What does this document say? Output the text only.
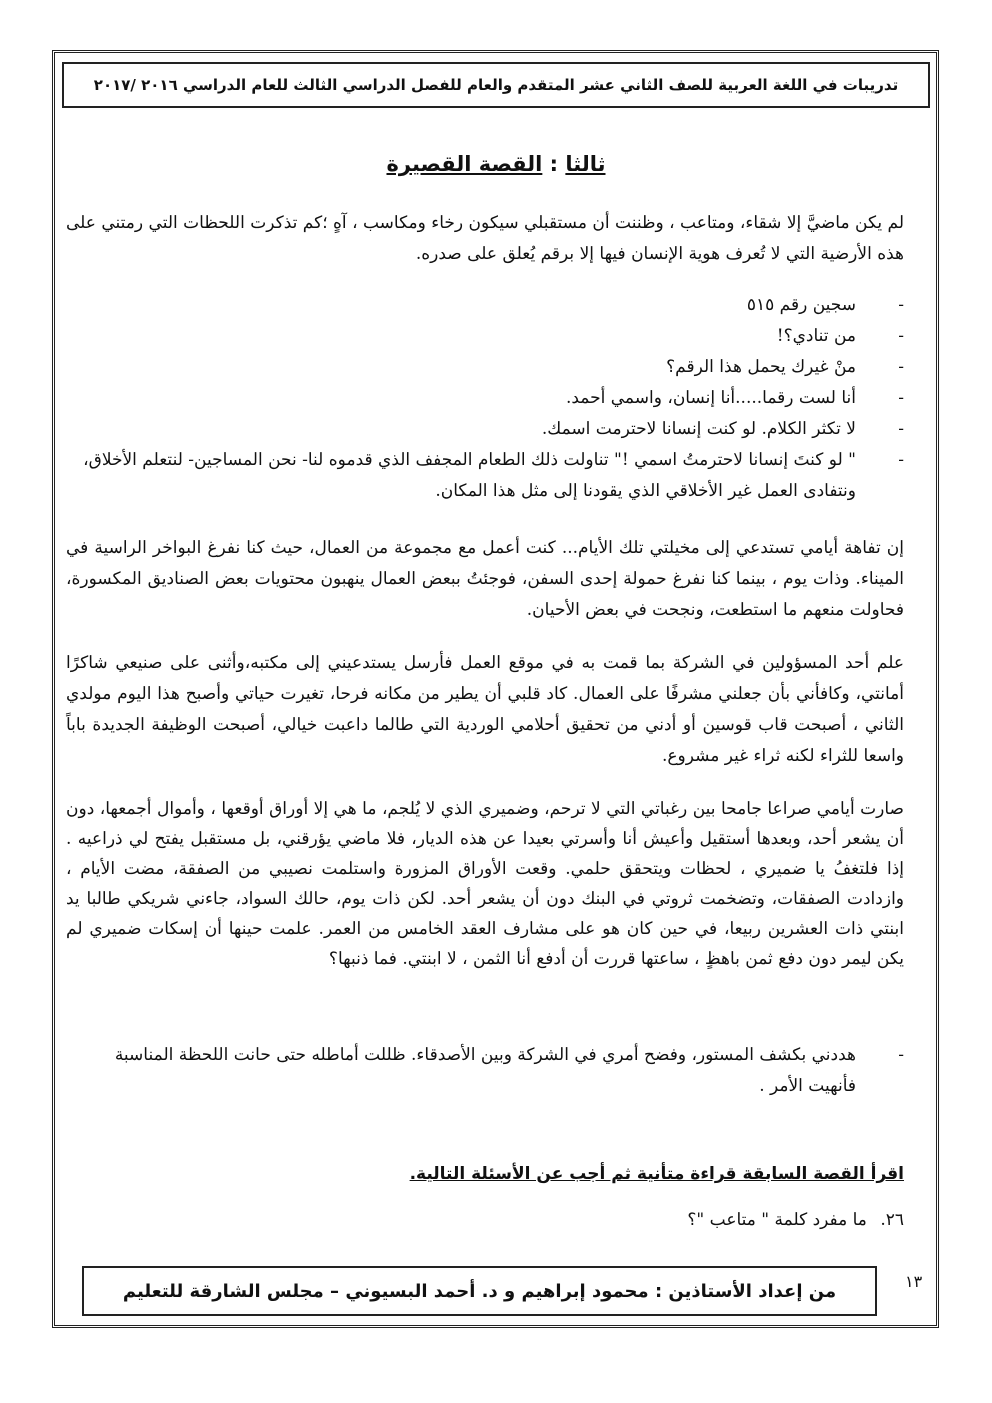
تدريبات في اللغة العربية للصف الثاني عشر المتقدم والعام للفصل الدراسي الثالث للعام الدراسي ٢٠١٦ /٢٠١٧
ثالثا : القصة القصيرة

لم يكن ماضيَّ إلا شقاء، ومتاعب ، وظننت أن مستقبلي سيكون رخاء ومكاسب ، آهٍ ؛كم تذكرت اللحظات التي رمتني على هذه الأرضية التي لا تُعرف هوية الإنسان فيها إلا برقم يُعلق على صدره.

-
سجين رقم ٥١٥
-
من تنادي؟!
-
منْ غيرك يحمل هذا الرقم؟
-
أنا لست رقما.....أنا إنسان، واسمي أحمد.
-
لا تكثر الكلام. لو كنت إنسانا لاحترمت اسمك.
-
" لو كنتَ إنسانا لاحترمتُ اسمي !" تناولت ذلك الطعام المجفف الذي قدموه لنا- نحن المساجين- لنتعلم الأخلاق، ونتفادى العمل غير الأخلاقي الذي يقودنا إلى مثل هذا المكان.

إن تفاهة أيامي تستدعي إلى مخيلتي تلك الأيام... كنت أعمل مع مجموعة من العمال، حيث كنا نفرغ البواخر الراسية في الميناء. وذات يوم ، بينما كنا نفرغ حمولة إحدى السفن، فوجئتُ ببعض العمال ينهبون محتويات بعض الصناديق المكسورة، فحاولت منعهم ما استطعت، ونجحت في بعض الأحيان.

علم أحد المسؤولين في الشركة بما قمت به في موقع العمل فأرسل يستدعيني إلى مكتبه،وأثنى على صنيعي شاكرًا أمانتي، وكافأني بأن جعلني مشرفًا على العمال. كاد قلبي أن يطير من مكانه فرحا، تغيرت حياتي وأصبح هذا اليوم مولدي الثاني ، أصبحت قاب قوسين أو أدني من تحقيق أحلامي الوردية التي طالما داعبت خيالي، أصبحت الوظيفة الجديدة باباً واسعا للثراء لكنه ثراء غير مشروع.

صارت أيامي صراعا جامحا بين رغباتي التي لا ترحم، وضميري الذي لا يُلجم، ما هي إلا أوراق أوقعها ، وأموال أجمعها، دون أن يشعر أحد، وبعدها أستقيل وأعيش أنا وأسرتي بعيدا عن هذه الديار، فلا ماضي يؤرقني، بل مستقبل يفتح لي ذراعيه . إذا فلتغفُ يا ضميري ، لحظات ويتحقق حلمي. وقعت الأوراق المزورة واستلمت نصيبي من الصفقة، مضت الأيام ، وازدادت الصفقات، وتضخمت ثروتي في البنك دون أن يشعر أحد. لكن ذات يوم، حالك السواد، جاءني شريكي طالبا يد ابنتي ذات العشرين ربيعا، في حين كان هو على مشارف العقد الخامس من العمر. علمت حينها أن إسكات ضميري لم يكن ليمر دون دفع ثمن باهظٍ ، ساعتها قررت أن أدفع أنا الثمن ، لا ابنتي. فما ذنبها؟

-
هددني بكشف المستور، وفضح أمري في الشركة وبين الأصدقاء. ظللت أماطله حتى حانت اللحظة المناسبة فأنهيت الأمر .
اقرأ القصة السابقة قراءة متأنية ثم أجب عن الأسئلة التالية.
٢٦. ما مفرد كلمة " متاعب "؟
من إعداد الأستاذين : محمود إبراهيم و د. أحمد البسيوني – مجلس الشارقة للتعليم	١٣
